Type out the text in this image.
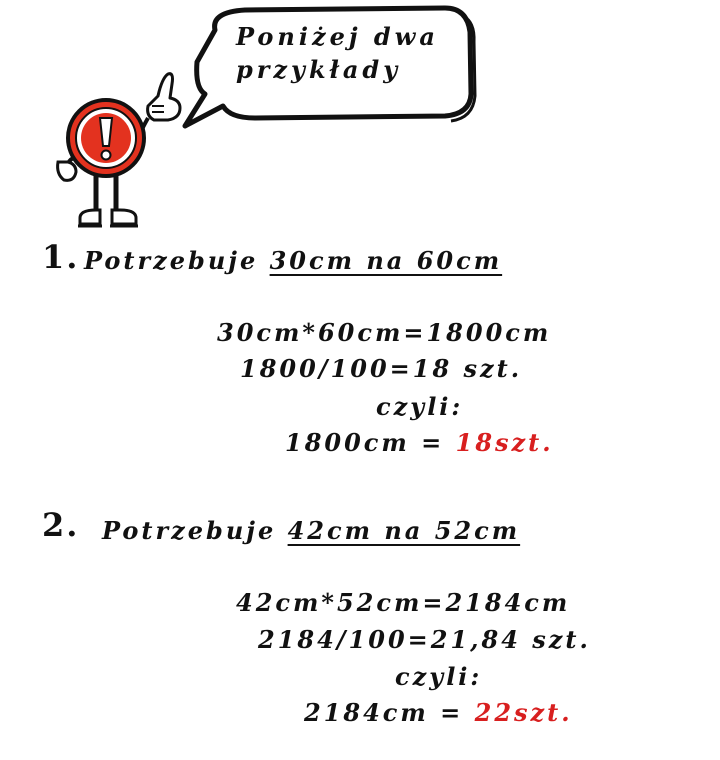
Poniżej dwa
przykłady
1. Potrzebuje 30cm na 60cm
30cm*60cm=1800cm
1800/100=18 szt.
czyli:
1800cm = 18szt.
2. Potrzebuje 42cm na 52cm
42cm*52cm=2184cm
2184/100=21,84 szt.
czyli:
2184cm = 22szt.
